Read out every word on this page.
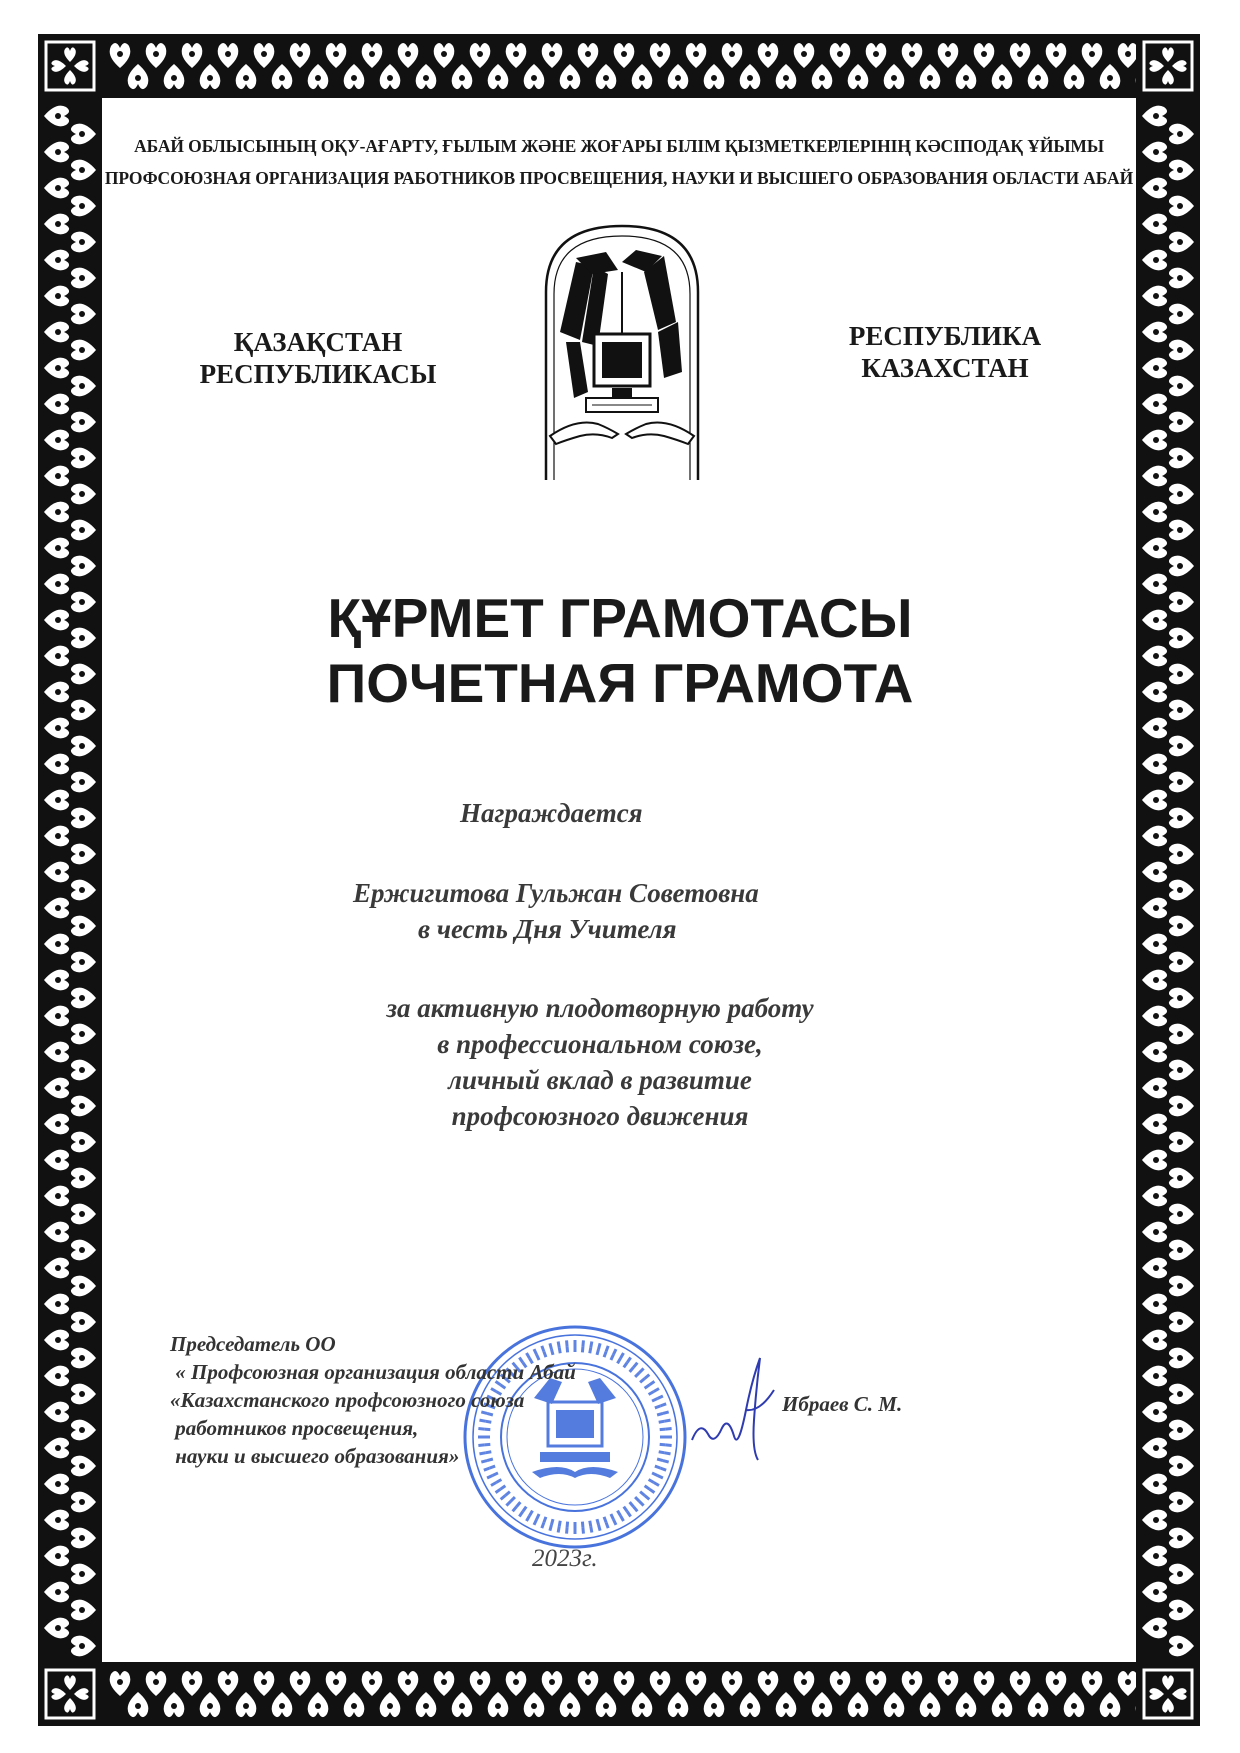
АБАЙ ОБЛЫСЫНЫҢ ОҚУ-АҒАРТУ, ҒЫЛЫМ ЖӘНЕ ЖОҒАРЫ БІЛІМ ҚЫЗМЕТКЕРЛЕРІНІҢ КӘСІПОДАҚ ҰЙЫМЫ
ПРОФСОЮЗНАЯ ОРГАНИЗАЦИЯ РАБОТНИКОВ ПРОСВЕЩЕНИЯ, НАУКИ И ВЫСШЕГО ОБРАЗОВАНИЯ ОБЛАСТИ АБАЙ
ҚАЗАҚСТАН
РЕСПУБЛИКАСЫ
РЕСПУБЛИКА
КАЗАХСТАН
ҚҰРМЕТ ГРАМОТАСЫ
ПОЧЕТНАЯ ГРАМОТА
Награждается
Ержигитова Гульжан Советовна
в честь Дня Учителя
за активную плодотворную работу
в профессиональном союзе,
личный вклад в развитие
профсоюзного движения
Председатель ОО
« Профсоюзная организация области Абай
«Казахстанского профсоюзного союза
работников просвещения,
науки и высшего образования»
Ибраев С. М.
2023г.
